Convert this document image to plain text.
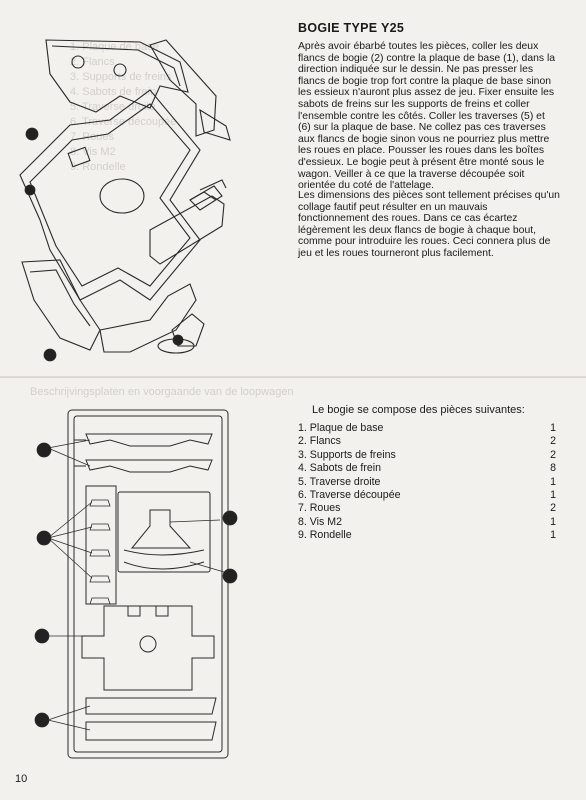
1. Plaque de base
2. Flancs
3. Supports de freins
4. Sabots de frein
5. Traverse droite
6. Traverse découpée
7. Roues
8. Vis M2
9. Rondelle
Beschrijvingsplaten en voorgaande van de loopwagen
1
5
3
9
BOGIE TYPE Y25

Après avoir ébarbé toutes les pièces, coller les deux flancs de bogie (2) contre la plaque de base (1), dans la direction indiquée sur le dessin. Ne pas presser les flancs de bogie trop fort contre la plaque de base sinon les essieux n'auront plus assez de jeu. Fixer ensuite les sabots de freins sur les supports de freins et coller l'ensemble contre les côtés. Coller les traverses (5) et (6) sur la plaque de base. Ne collez pas ces traverses aux flancs de bogie sinon vous ne pourriez plus mettre les roues en place. Pousser les roues dans les boîtes d'essieux. Le bogie peut à présent être monté sous le wagon. Veiller à ce que la traverse découpée soit orientée du coté de l'attelage.

Les dimensions des pièces sont tellement précises qu'un collage fautif peut résulter en un mauvais fonctionnement des roues. Dans ce cas écartez légèrement les deux flancs de bogie à chaque bout, comme pour introduire les roues. Ceci connera plus de jeu et les roues tourneront plus facilement.

3
4
6
5
1
2
Le bogie se compose des pièces suivantes:
1. Plaque de base	1
2. Flancs	2
3. Supports de freins	2
4. Sabots de frein	8
5. Traverse droite	1
6. Traverse découpée	1
7. Roues	2
8. Vis M2	1
9. Rondelle	1
10
